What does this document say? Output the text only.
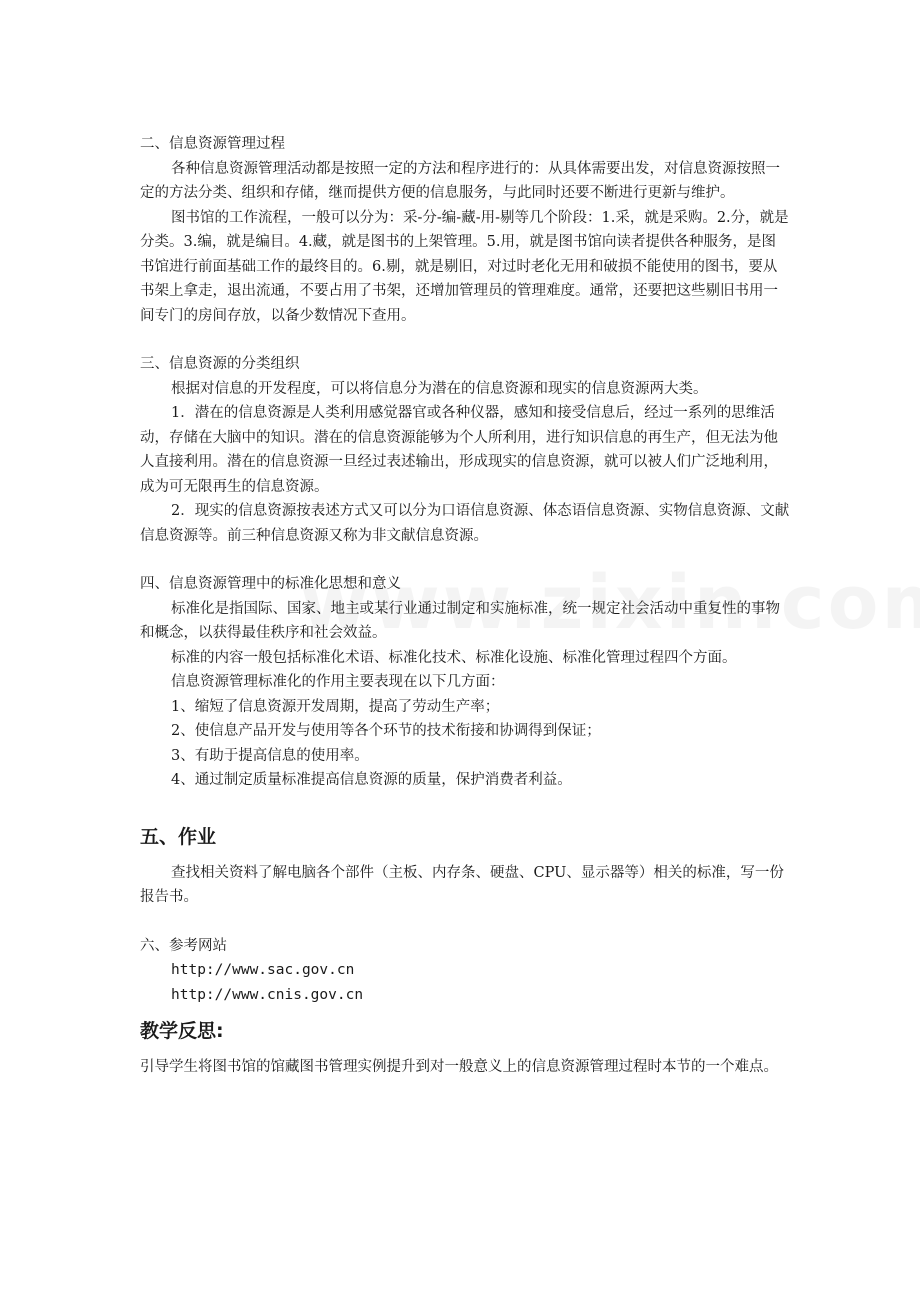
二、信息资源管理过程

各种信息资源管理活动都是按照一定的方法和程序进行的：从具体需要出发，对信息资源按照一定的方法分类、组织和存储，继而提供方便的信息服务，与此同时还要不断进行更新与维护。

图书馆的工作流程，一般可以分为：采-分-编-藏-用-剔等几个阶段：1.采，就是采购。2.分，就是分类。3.编，就是编目。4.藏，就是图书的上架管理。5.用，就是图书馆向读者提供各种服务，是图书馆进行前面基础工作的最终目的。6.剔，就是剔旧，对过时老化无用和破损不能使用的图书，要从书架上拿走，退出流通，不要占用了书架，还增加管理员的管理难度。通常，还要把这些剔旧书用一间专门的房间存放，以备少数情况下查用。

三、信息资源的分类组织

根据对信息的开发程度，可以将信息分为潜在的信息资源和现实的信息资源两大类。

1．潜在的信息资源是人类利用感觉器官或各种仪器，感知和接受信息后，经过一系列的思维活动，存储在大脑中的知识。潜在的信息资源能够为个人所利用，进行知识信息的再生产，但无法为他人直接利用。潜在的信息资源一旦经过表述输出，形成现实的信息资源，就可以被人们广泛地利用，成为可无限再生的信息资源。

2．现实的信息资源按表述方式又可以分为口语信息资源、体态语信息资源、实物信息资源、文献信息资源等。前三种信息资源又称为非文献信息资源。

四、信息资源管理中的标准化思想和意义

标准化是指国际、国家、地主或某行业通过制定和实施标准，统一规定社会活动中重复性的事物和概念，以获得最佳秩序和社会效益。

标准的内容一般包括标准化术语、标准化技术、标准化设施、标准化管理过程四个方面。

信息资源管理标准化的作用主要表现在以下几方面：

1、缩短了信息资源开发周期，提高了劳动生产率；

2、使信息产品开发与使用等各个环节的技术衔接和协调得到保证；

3、有助于提高信息的使用率。

4、通过制定质量标准提高信息资源的质量，保护消费者利益。

五、作业

查找相关资料了解电脑各个部件（主板、内存条、硬盘、CPU、显示器等）相关的标准，写一份报告书。

六、参考网站

http://www.sac.gov.cn

http://www.cnis.gov.cn

教学反思:

引导学生将图书馆的馆藏图书管理实例提升到对一般意义上的信息资源管理过程时本节的一个难点。
